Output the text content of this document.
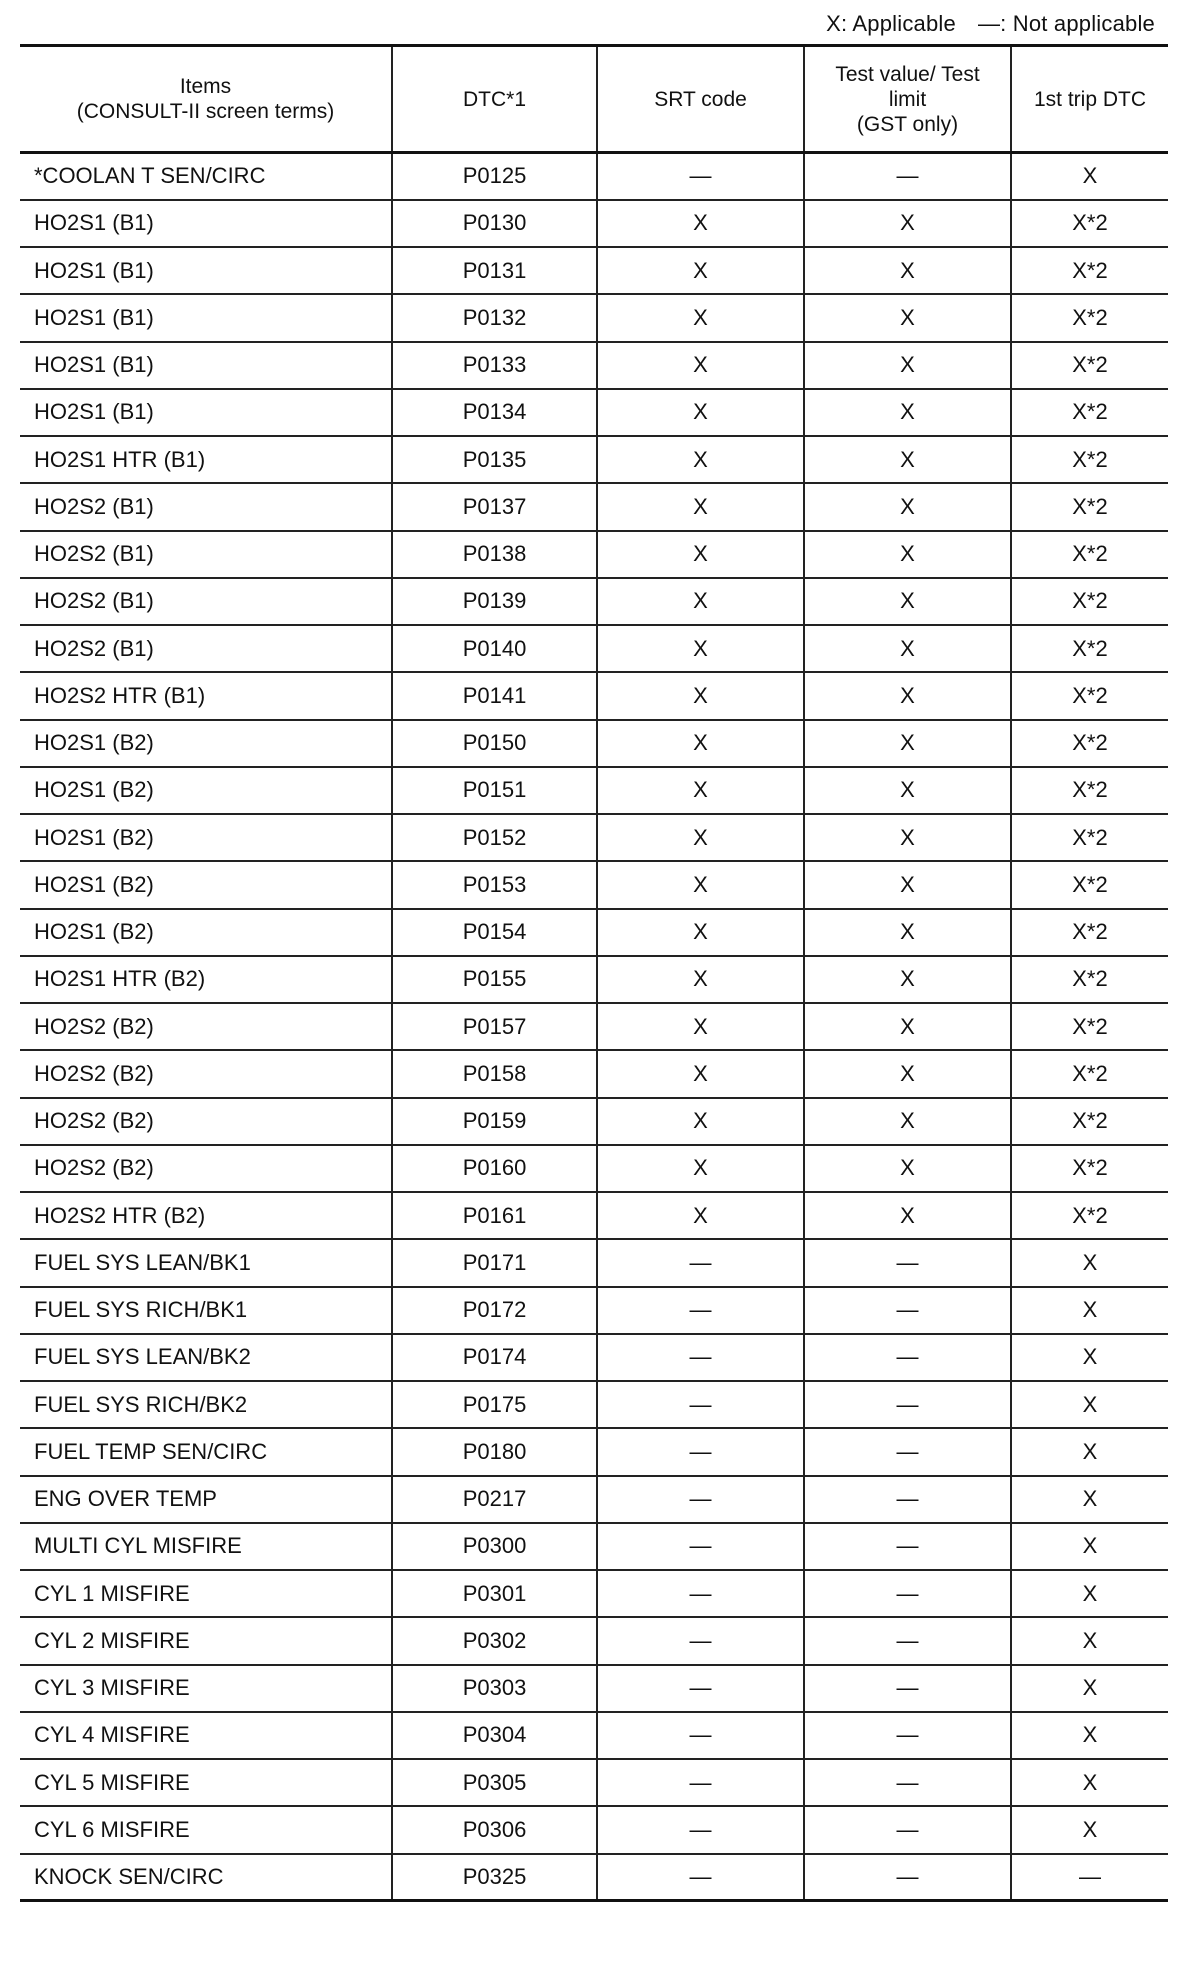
X: Applicable —: Not applicable
Items
(CONSULT-II screen terms)	DTC*1	SRT code	Test value/ Test
limit
(GST only)	1st trip DTC
*COOLAN T SEN/CIRC	P0125	—	—	X
HO2S1 (B1)	P0130	X	X	X*2
HO2S1 (B1)	P0131	X	X	X*2
HO2S1 (B1)	P0132	X	X	X*2
HO2S1 (B1)	P0133	X	X	X*2
HO2S1 (B1)	P0134	X	X	X*2
HO2S1 HTR (B1)	P0135	X	X	X*2
HO2S2 (B1)	P0137	X	X	X*2
HO2S2 (B1)	P0138	X	X	X*2
HO2S2 (B1)	P0139	X	X	X*2
HO2S2 (B1)	P0140	X	X	X*2
HO2S2 HTR (B1)	P0141	X	X	X*2
HO2S1 (B2)	P0150	X	X	X*2
HO2S1 (B2)	P0151	X	X	X*2
HO2S1 (B2)	P0152	X	X	X*2
HO2S1 (B2)	P0153	X	X	X*2
HO2S1 (B2)	P0154	X	X	X*2
HO2S1 HTR (B2)	P0155	X	X	X*2
HO2S2 (B2)	P0157	X	X	X*2
HO2S2 (B2)	P0158	X	X	X*2
HO2S2 (B2)	P0159	X	X	X*2
HO2S2 (B2)	P0160	X	X	X*2
HO2S2 HTR (B2)	P0161	X	X	X*2
FUEL SYS LEAN/BK1	P0171	—	—	X
FUEL SYS RICH/BK1	P0172	—	—	X
FUEL SYS LEAN/BK2	P0174	—	—	X
FUEL SYS RICH/BK2	P0175	—	—	X
FUEL TEMP SEN/CIRC	P0180	—	—	X
ENG OVER TEMP	P0217	—	—	X
MULTI CYL MISFIRE	P0300	—	—	X
CYL 1 MISFIRE	P0301	—	—	X
CYL 2 MISFIRE	P0302	—	—	X
CYL 3 MISFIRE	P0303	—	—	X
CYL 4 MISFIRE	P0304	—	—	X
CYL 5 MISFIRE	P0305	—	—	X
CYL 6 MISFIRE	P0306	—	—	X
KNOCK SEN/CIRC	P0325	—	—	—
